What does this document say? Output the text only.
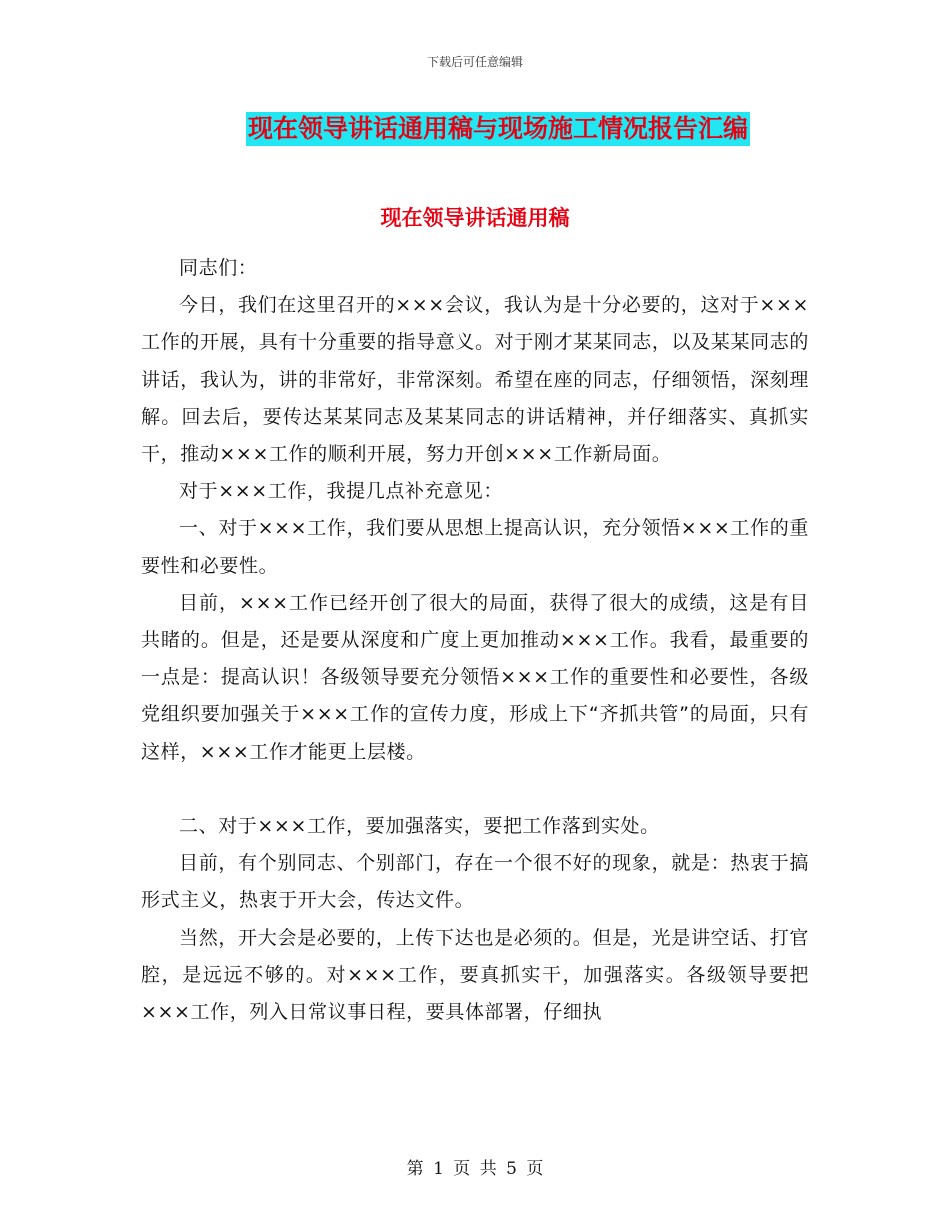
下载后可任意编辑
现在领导讲话通用稿与现场施工情况报告汇编
现在领导讲话通用稿

同志们：

今日，我们在这里召开的×××会议，我认为是十分必要的，这对于×××工作的开展，具有十分重要的指导意义。对于刚才某某同志，以及某某同志的讲话，我认为，讲的非常好，非常深刻。希望在座的同志，仔细领悟，深刻理解。回去后，要传达某某同志及某某同志的讲话精神，并仔细落实、真抓实干，推动×××工作的顺利开展，努力开创×××工作新局面。

对于×××工作，我提几点补充意见：

一、对于×××工作，我们要从思想上提高认识，充分领悟×××工作的重要性和必要性。

目前，×××工作已经开创了很大的局面，获得了很大的成绩，这是有目共睹的。但是，还是要从深度和广度上更加推动×××工作。我看，最重要的一点是：提高认识！各级领导要充分领悟×××工作的重要性和必要性，各级党组织要加强关于×××工作的宣传力度，形成上下“齐抓共管”的局面，只有这样，×××工作才能更上层楼。

二、对于×××工作，要加强落实，要把工作落到实处。

目前，有个别同志、个别部门，存在一个很不好的现象，就是：热衷于搞形式主义，热衷于开大会，传达文件。

当然，开大会是必要的，上传下达也是必须的。但是，光是讲空话、打官腔，是远远不够的。对×××工作，要真抓实干，加强落实。各级领导要把×××工作，列入日常议事日程，要具体部署，仔细执

第 1 页 共 5 页
